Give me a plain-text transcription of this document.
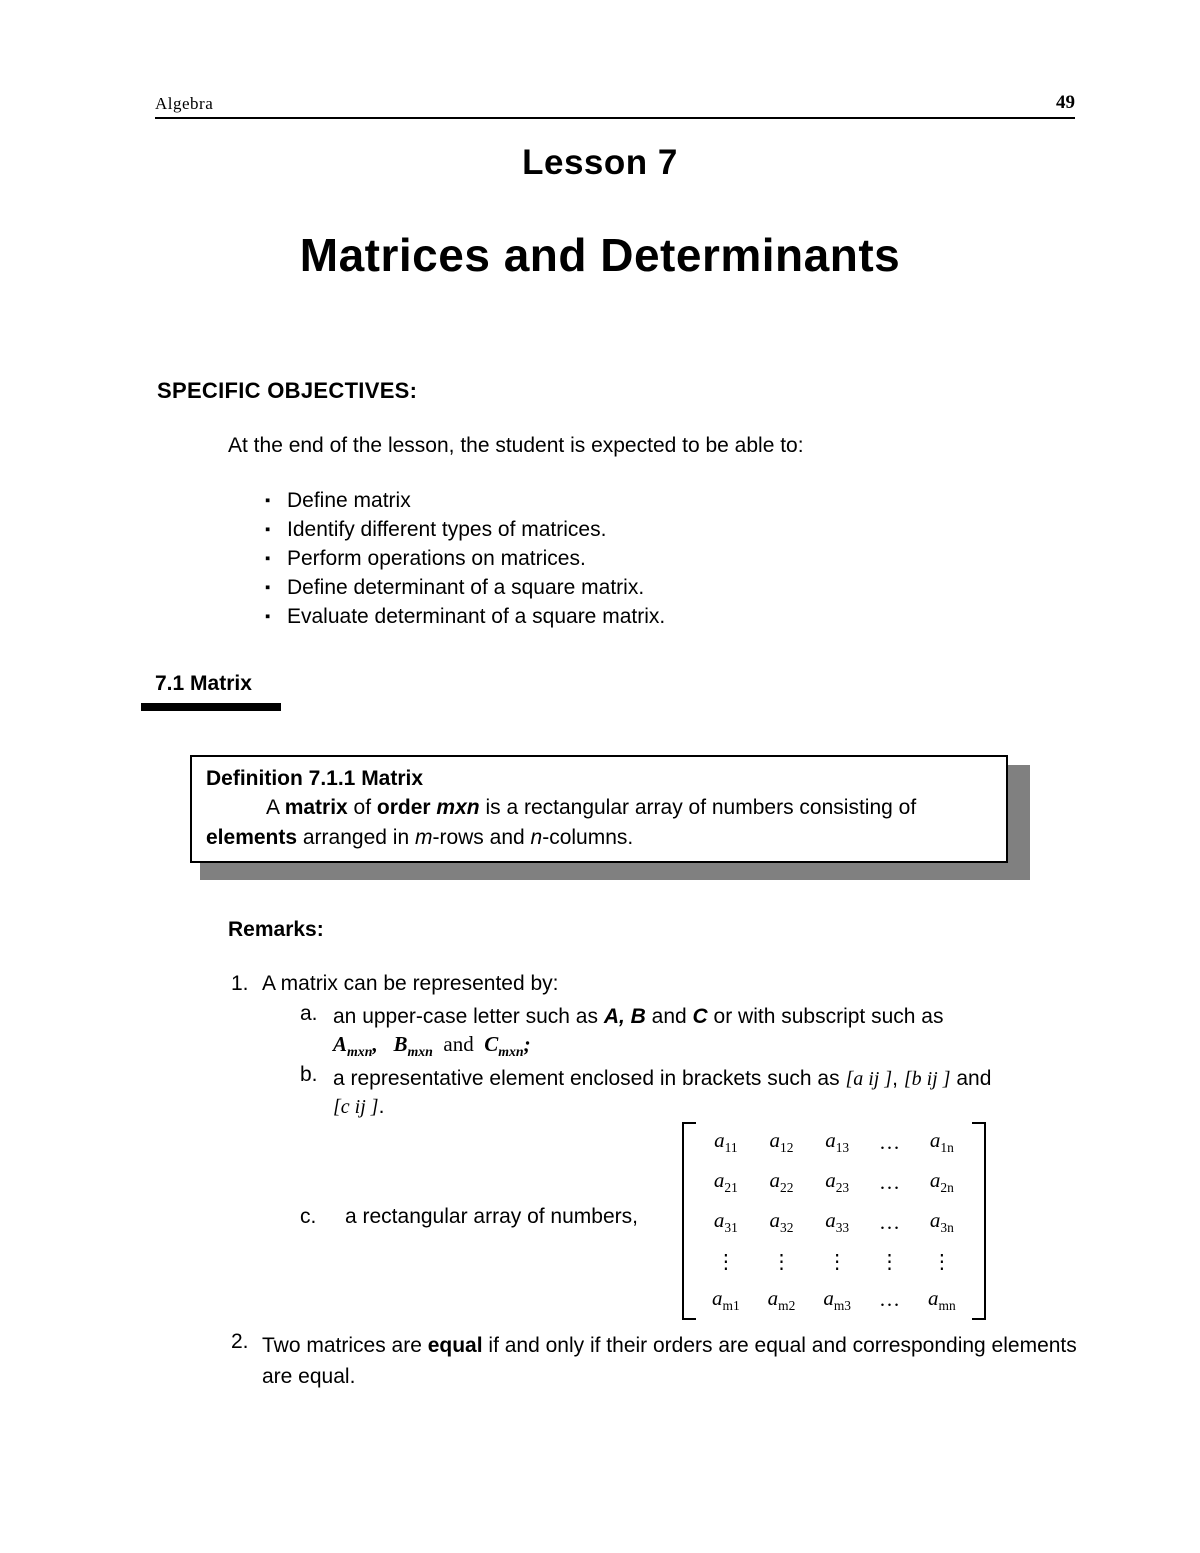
Algebra	49
Lesson 7
Matrices and Determinants
SPECIFIC OBJECTIVES:
At the end of the lesson, the student is expected to be able to:
▪ Define matrix
▪ Identify different types of matrices.
▪ Perform operations on matrices.
▪ Define determinant of a square matrix.
▪ Evaluate determinant of a square matrix.
7.1 Matrix
Definition 7.1.1 Matrix
A matrix of order mxn is a rectangular array of numbers consisting of elements arranged in m-rows and n-columns.
Remarks:
1. A matrix can be represented by:
a. an upper-case letter such as A, B and C or with subscript such as
$A_{mxn}$, $B_{mxn}$ and $C_{mxn}$;
b. a representative element enclosed in brackets such as [a ij ], [b ij ] and
[c ij ].
c. a rectangular array of numbers,
$a_{11}$	$a_{12}$	$a_{13}$	…	$a_{1n}$
$a_{21}$	$a_{22}$	$a_{23}$	…	$a_{2n}$
$a_{31}$	$a_{32}$	$a_{33}$	…	$a_{3n}$
⋮	⋮	⋮	⋮	⋮
$a_{m1}$	$a_{m2}$	$a_{m3}$	…	$a_{mn}$
2. Two matrices are equal if and only if their orders are equal and corresponding elements are equal.
